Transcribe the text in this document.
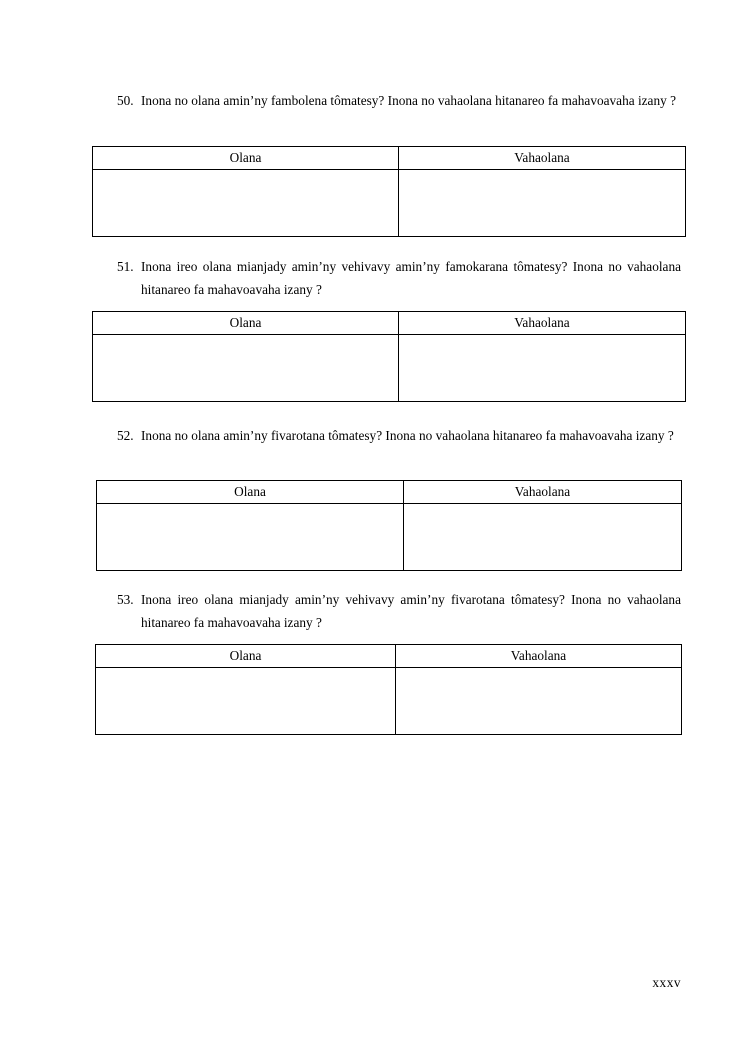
50. Inona no olana amin’ny fambolena tômatesy? Inona no vahaolana hitanareo fa mahavoavaha izany ?
Olana	Vahaolana

51. Inona ireo olana mianjady amin’ny vehivavy amin’ny famokarana tômatesy? Inona no vahaolana hitanareo fa mahavoavaha izany ?
Olana	Vahaolana

52. Inona no olana amin’ny fivarotana tômatesy? Inona no vahaolana hitanareo fa mahavoavaha izany ?
Olana	Vahaolana

53. Inona ireo olana mianjady amin’ny vehivavy amin’ny fivarotana tômatesy? Inona no vahaolana hitanareo fa mahavoavaha izany ?
Olana	Vahaolana

xxxv
